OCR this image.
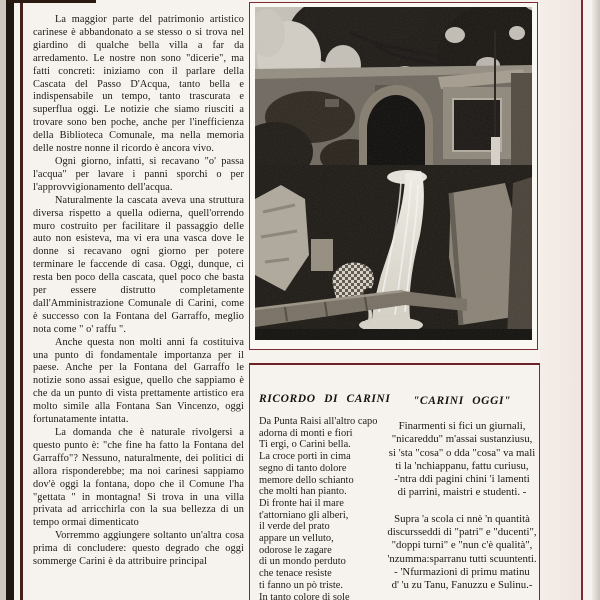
La maggior parte del patrimonio artistico carinese è abbandonato a se stesso o si trova nel giardino di qualche bella villa a far da arredamento. Le nostre non sono "dicerie", ma fatti concreti: iniziamo con il parlare della Cascata del Passo D'Acqua, tanto bella e indispensabile un tempo, tanto trascurata e superflua oggi. Le notizie che siamo riusciti a trovare sono ben poche, anche per l'inefficienza della Biblioteca Comunale, ma nella memoria delle nostre nonne il ricordo è ancora vivo.

Ogni giorno, infatti, si recavano "o' passa l'acqua" per lavare i panni sporchi o per l'approvvigionamento dell'acqua.

Naturalmente la cascata aveva una struttura diversa rispetto a quella odierna, quell'orrendo muro costruito per facilitare il passaggio delle auto non esisteva, ma vi era una vasca dove le donne si recavano ogni giorno per potere terminare le faccende di casa. Oggi, dunque, ci resta ben poco della cascata, quel poco che basta per essere distrutto completamente dall'Amministrazione Comunale di Carini, come è successo con la Fontana del Garraffo, meglio nota come " o' raffu ".

Anche questa non molti anni fa costituiva una punto di fondamentale importanza per il paese. Anche per la Fontana del Garraffo le notizie sono assai esigue, quello che sappiamo è che da un punto di vista prettamente artistico era molto simile alla Fontana San Vincenzo, oggi fortunatamente intatta.

La domanda che è naturale rivolgersi a questo punto è: "che fine ha fatto la Fontana del Garraffo"? Nessuno, naturalmente, dei politici di allora risponderebbe; ma noi carinesi sappiamo dov'è oggi la fontana, dopo che il Comune l'ha "gettata " in montagna! Si trova in una villa privata ad arricchirla con la sua bellezza di un tempo ormai dimenticato

Vorremmo aggiungere soltanto un'altra cosa prima di concludere: questo degrado che oggi sommerge Carini è da attribuire principal

RICORDO DI CARINI
Da Punta Raisi all'altro capo
adorna di monti e fiori
Ti ergi, o Carini bella.
La croce porti in cima
segno di tanto dolore
memore dello schianto
che molti han pianto.
Di fronte hai il mare
t'attorniano gli alberi,
il verde del prato
appare un velluto,
odorose le zagare
di un mondo perduto
che tenace resiste
ti fanno un pò triste.
In tanto colore di sole
"CARINI OGGI"
Finarmenti si fici un giurnali,
"nicareddu" m'assai sustanziusu,
si 'sta "cosa" o dda "cosa" va mali
ti la 'nchiappanu, fattu curiusu,
-'ntra ddi pagini chini 'i lamenti
di parrini, maistri e studenti. -
Supra 'a scola ci nnè 'n quantità
discursseddi di "patri" e "ducenti",
"doppi turni" e "nun c'è qualità",
'nzumma:sparranu tutti scuuntenti.
- 'Nfurmazioni di primu matinu
d' 'u zu Tanu, Fanuzzu e Sulinu.-
